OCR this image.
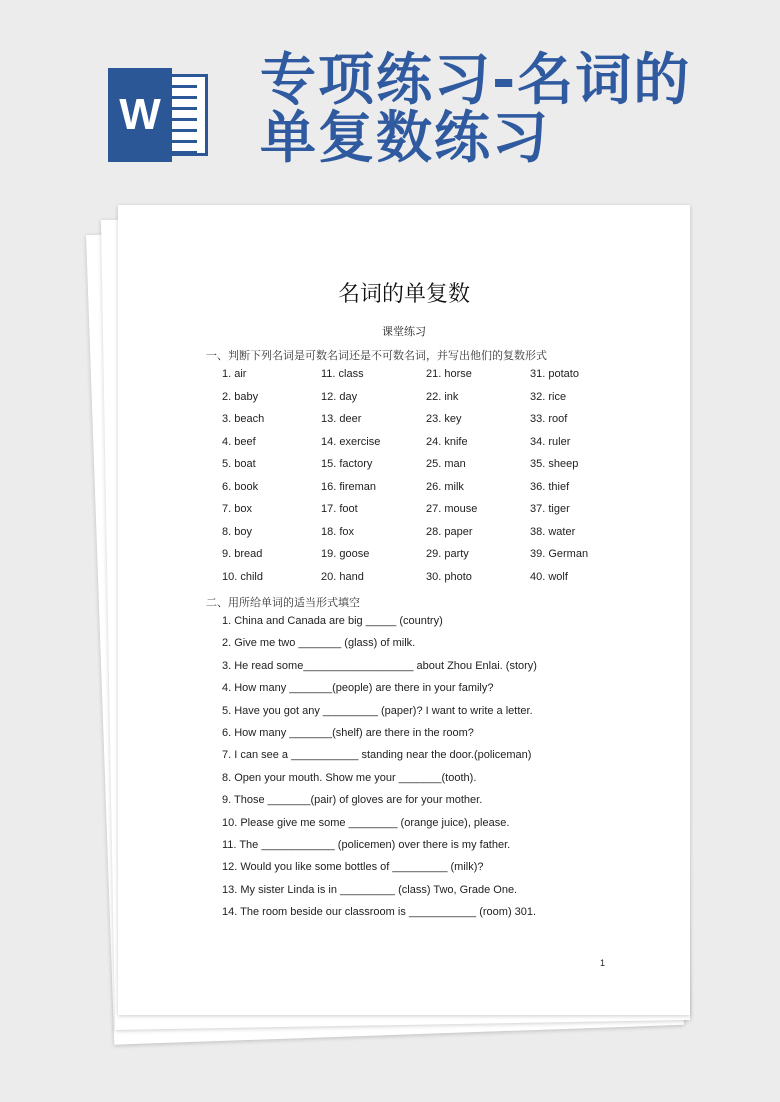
W
专项练习-名词的
单复数练习
名词的单复数
课堂练习
一、判断下列名词是可数名词还是不可数名词，并写出他们的复数形式
二、用所给单词的适当形式填空
1
1. air
2. baby
3. beach
4. beef
5. boat
6. book
7. box
8. boy
9. bread
10. child
11. class
12. day
13. deer
14. exercise
15. factory
16. fireman
17. foot
18. fox
19. goose
20. hand
21. horse
22. ink
23. key
24. knife
25. man
26. milk
27. mouse
28. paper
29. party
30. photo
31. potato
32. rice
33. roof
34. ruler
35. sheep
36. thief
37. tiger
38. water
39. German
40. wolf
1. China and Canada are big _____ (country)
2. Give me two _______ (glass) of milk.
3. He read some__________________ about Zhou Enlai. (story)
4. How many _______(people) are there in your family?
5. Have you got any _________ (paper)? I want to write a letter.
6. How many _______(shelf) are there in the room?
7. I can see a ___________ standing near the door.(policeman)
8. Open your mouth. Show me your _______(tooth).
9. Those _______(pair) of gloves are for your mother.
10. Please give me some ________ (orange juice), please.
11. The ____________ (policemen) over there is my father.
12. Would you like some bottles of _________ (milk)?
13. My sister Linda is in _________ (class) Two, Grade One.
14. The room beside our classroom is ___________ (room) 301.
